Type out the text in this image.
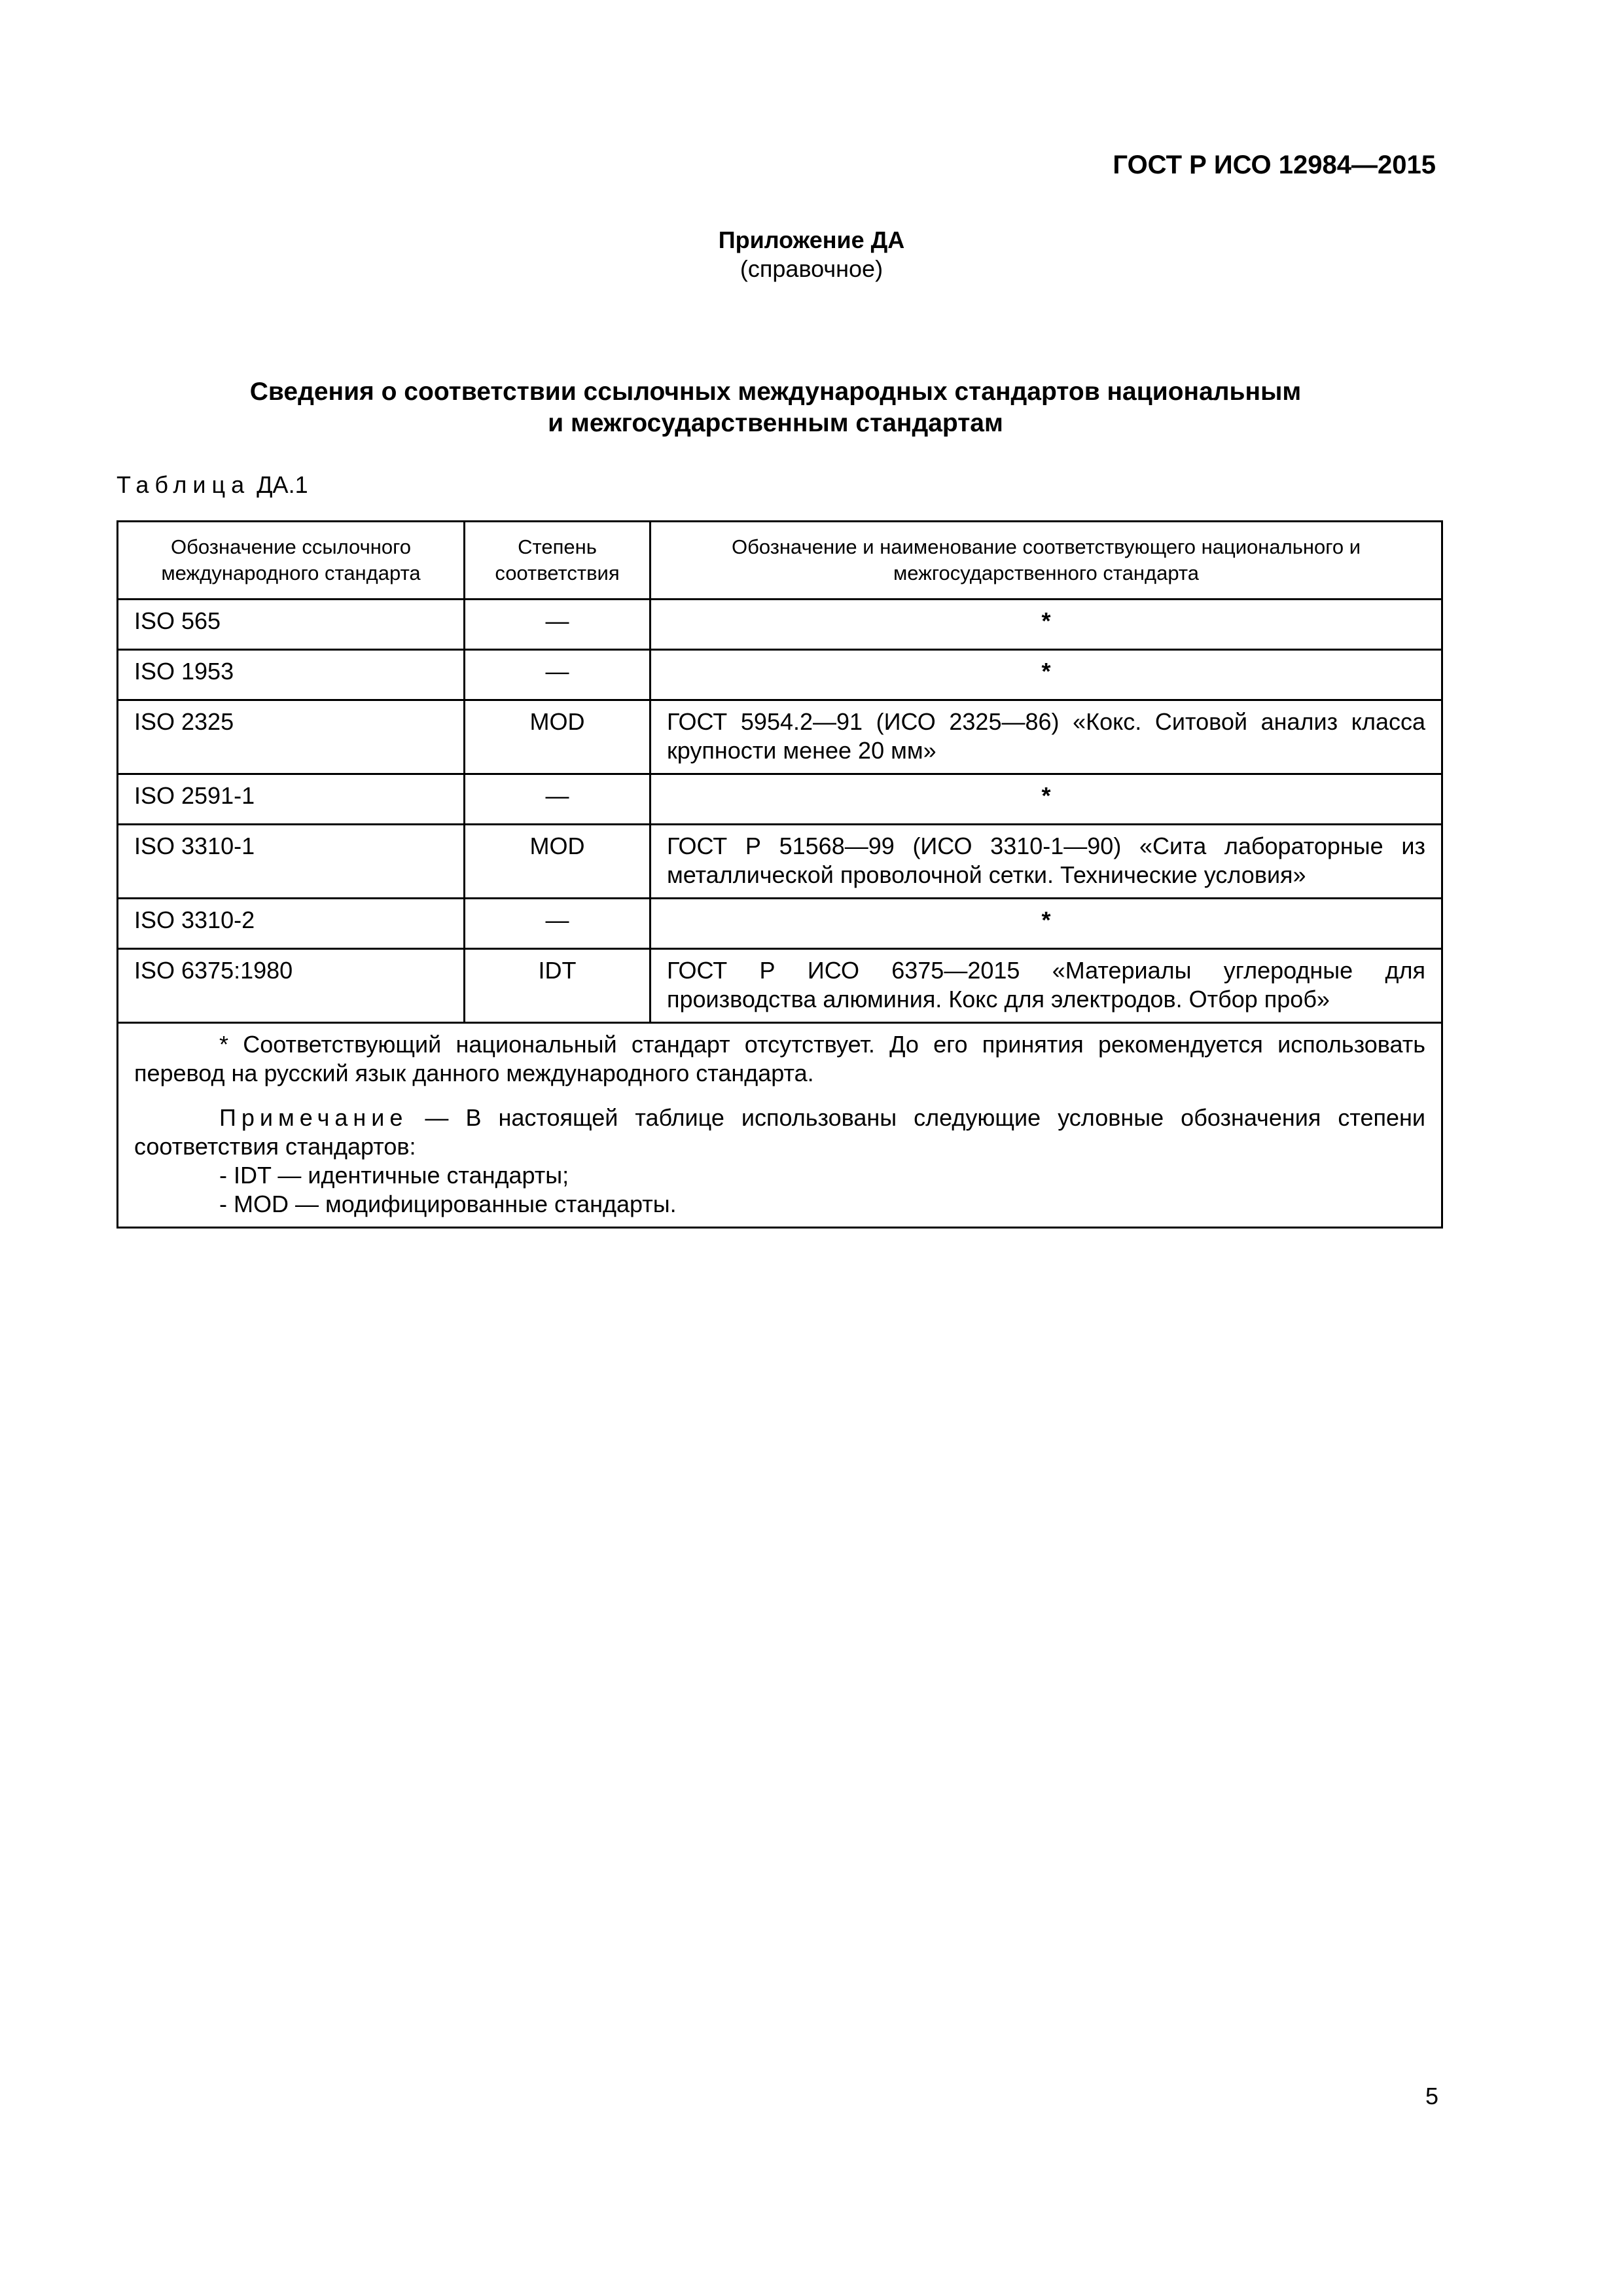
ГОСТ Р ИСО 12984—2015

Приложение ДА
(справочное)
Сведения о соответствии ссылочных международных стандартов национальным
и межгосударственным стандартам
Таблица ДА.1
Обозначение ссылочного международного стандарта	Степень соответствия	Обозначение и наименование соответствующего национального и межгосударственного стандарта
ISO 565	—	*
ISO 1953	—	*
ISO 2325	MOD	ГОСТ 5954.2—91 (ИСО 2325—86) «Кокс. Ситовой анализ класса крупности менее 20 мм»
ISO 2591-1	—	*
ISO 3310-1	MOD	ГОСТ Р 51568—99 (ИСО 3310-1—90) «Сита лабораторные из металлической проволочной сетки. Технические условия»
ISO 3310-2	—	*
ISO 6375:1980	IDT	ГОСТ Р ИСО 6375—2015 «Материалы углеродные для производства алюминия. Кокс для электродов. Отбор проб»

* Соответствующий национальный стандарт отсутствует. До его принятия рекомендуется использовать перевод на русский язык данного международного стандарта.

Примечание — В настоящей таблице использованы следующие условные обозначения степени соответствия стандартов:

- IDT — идентичные стандарты;

- MOD — модифицированные стандарты.		

5
